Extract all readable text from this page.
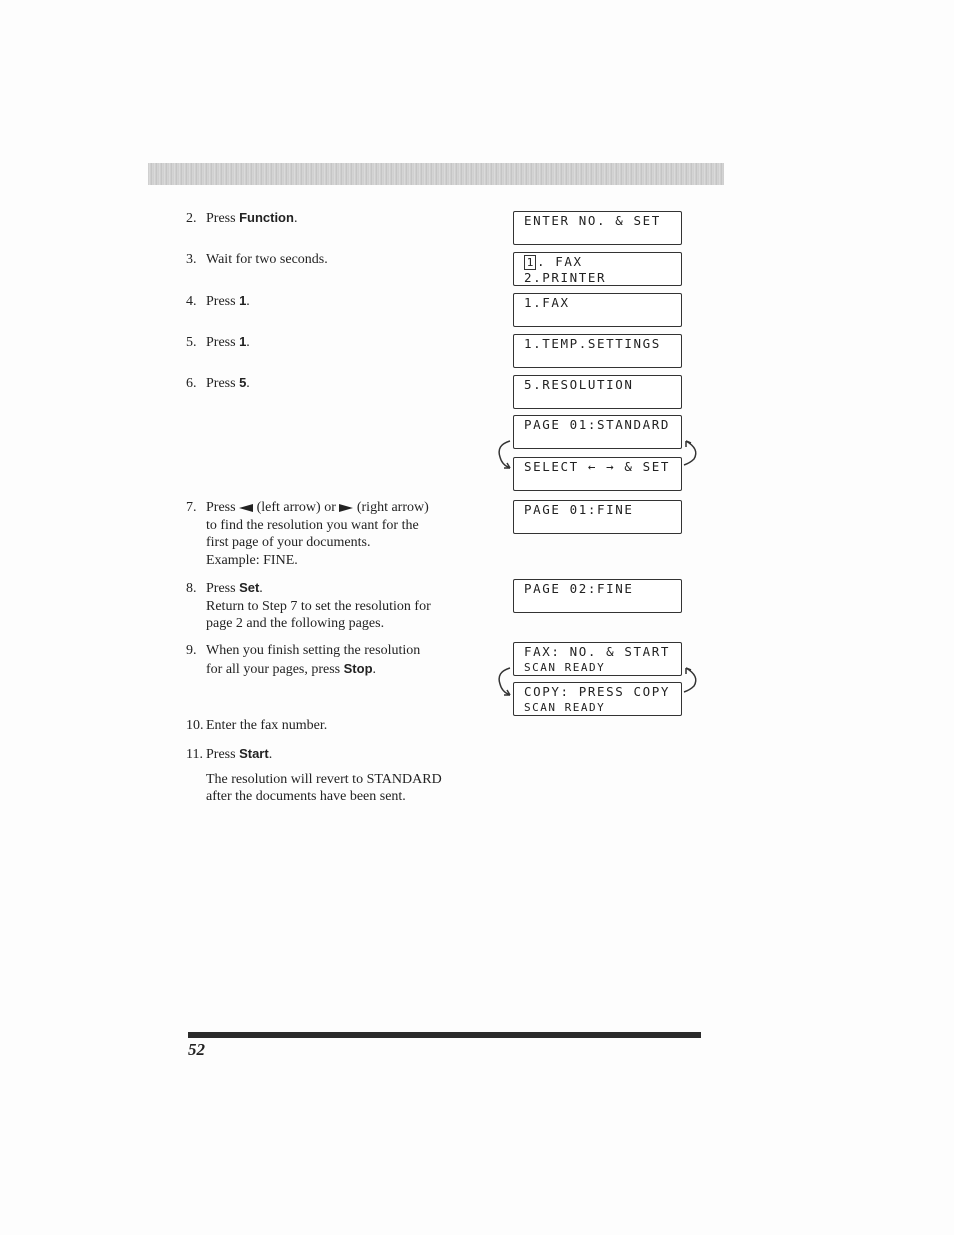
2. Press Function.
3. Wait for two seconds.
4. Press 1.
5. Press 1.
6. Press 5.
7. Press  (left arrow) or  (right arrow)
to find the resolution you want for the
first page of your documents.
Example: FINE.
8. Press Set.
Return to Step 7 to set the resolution for
page 2 and the following pages.
9. When you finish setting the resolution
for all your pages, press Stop.
10. Enter the fax number.
11. Press Start.
The resolution will revert to STANDARD
after the documents have been sent.
ENTER NO. & SET
1 . FAX
2.PRINTER
1.FAX
1.TEMP.SETTINGS
5.RESOLUTION
PAGE 01:STANDARD
SELECT ← → & SET
PAGE 01:FINE
PAGE 02:FINE
FAX: NO. & START
SCAN READY
COPY: PRESS COPY
SCAN READY
52
